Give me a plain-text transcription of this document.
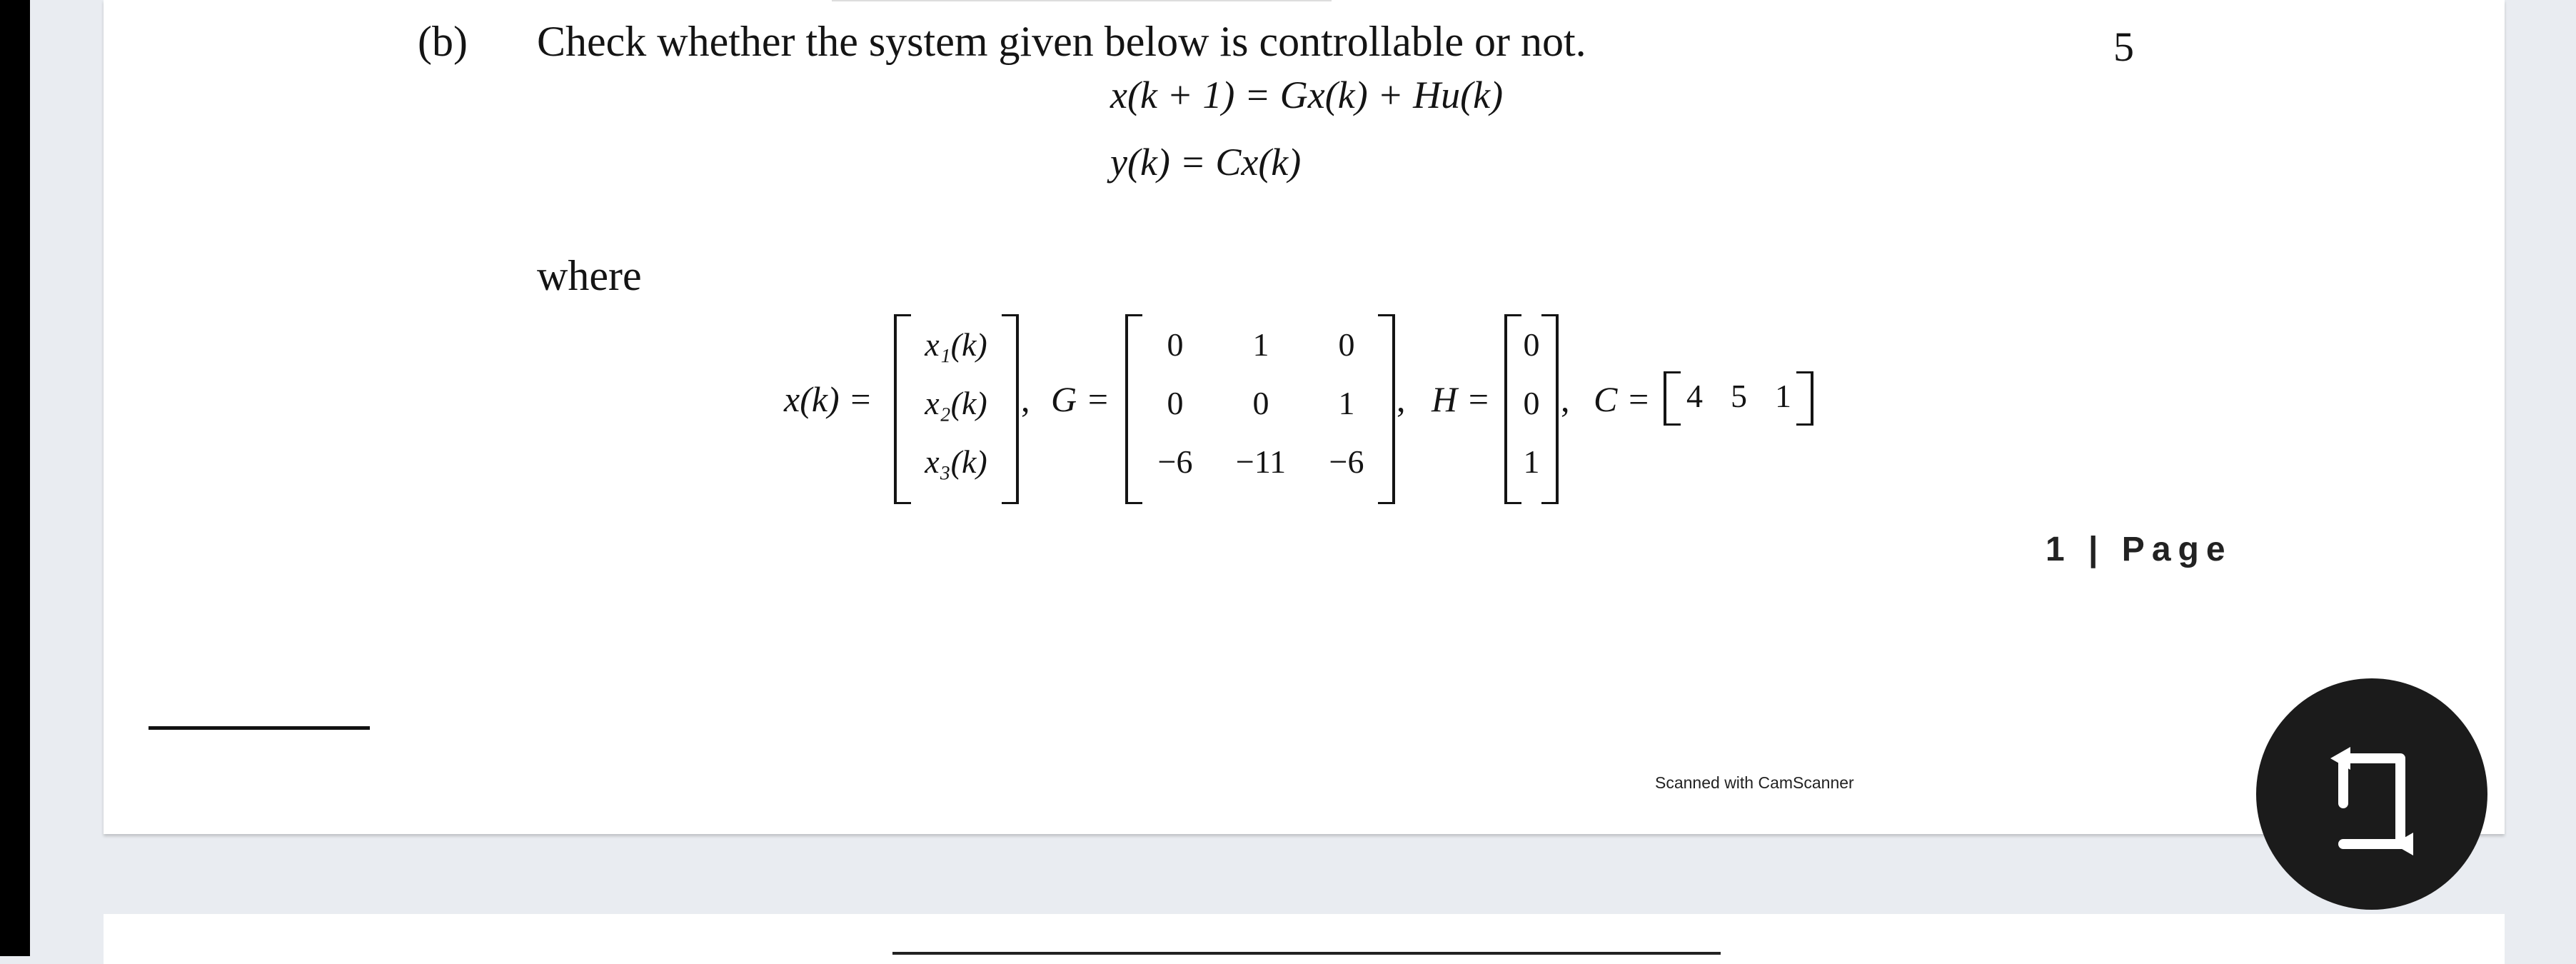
(b) Check whether the system given below is controllable or not.	5
x(k + 1) = Gx(k) + Hu(k)
y(k) = Cx(k)
where
x(k) =
x₁(k)
x₂(k)
x₃(k)
, G =
0	1	0
0	0	1
−6	−11	−6
, H =
0
0
1
, C =	4 5 1
1 | Page
Scanned with CamScanner
